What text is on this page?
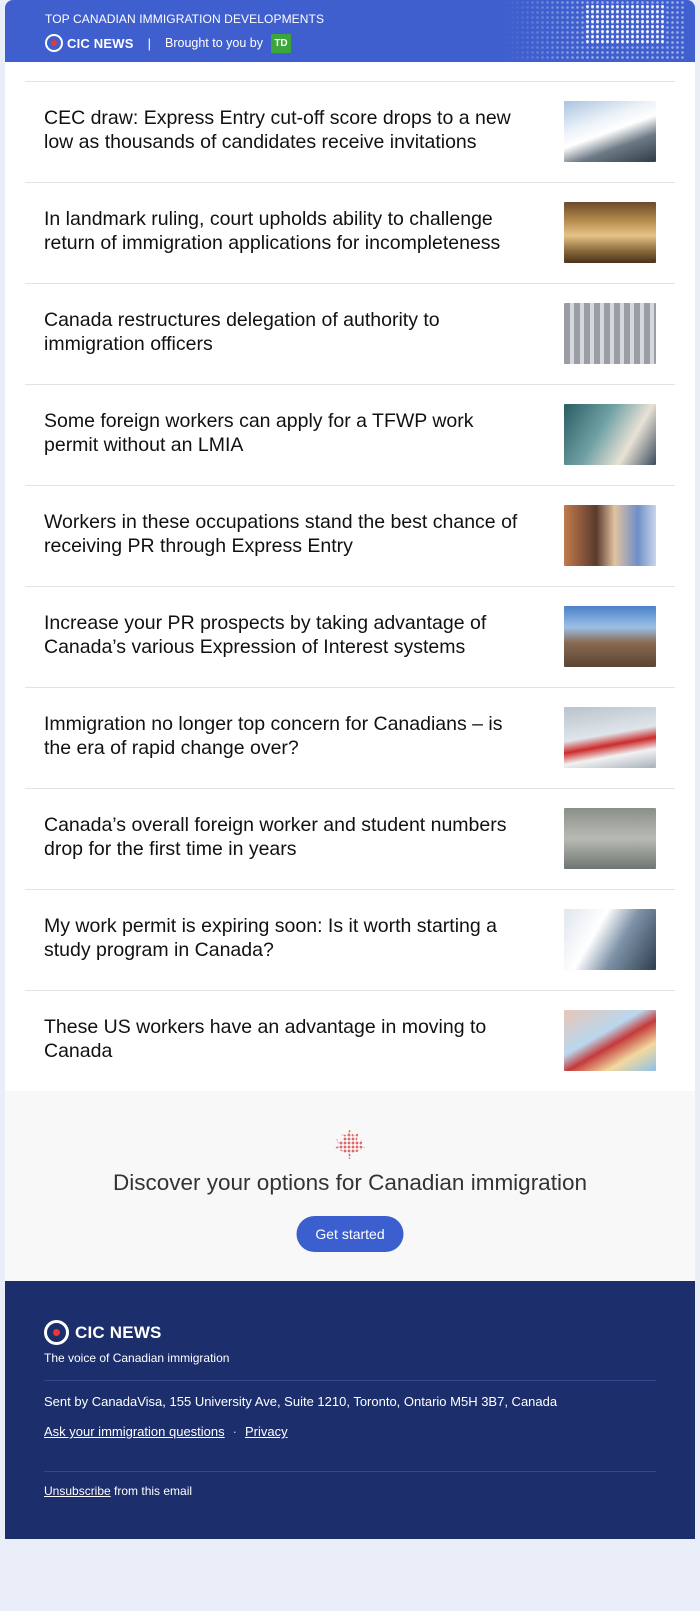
TOP CANADIAN IMMIGRATION DEVELOPMENTS
CIC NEWS | Brought to you by	TD
CEC draw: Express Entry cut-off score drops to a new low as thousands of candidates receive invitations
In landmark ruling, court upholds ability to challenge return of immigration applications for incompleteness
Canada restructures delegation of authority to immigration officers
Some foreign workers can apply for a TFWP work permit without an LMIA
Workers in these occupations stand the best chance of receiving PR through Express Entry
Increase your PR prospects by taking advantage of Canada’s various Expression of Interest systems
Immigration no longer top concern for Canadians – is the era of rapid change over?
Canada’s overall foreign worker and student numbers drop for the first time in years
My work permit is expiring soon: Is it worth starting a study program in Canada?
These US workers have an advantage in moving to Canada
Discover your options for Canadian immigration
Get started
CIC NEWS
The voice of Canadian immigration
Sent by CanadaVisa, 155 University Ave, Suite 1210, Toronto, Ontario M5H 3B7, Canada
Ask your immigration questions · Privacy
Unsubscribe from this email
